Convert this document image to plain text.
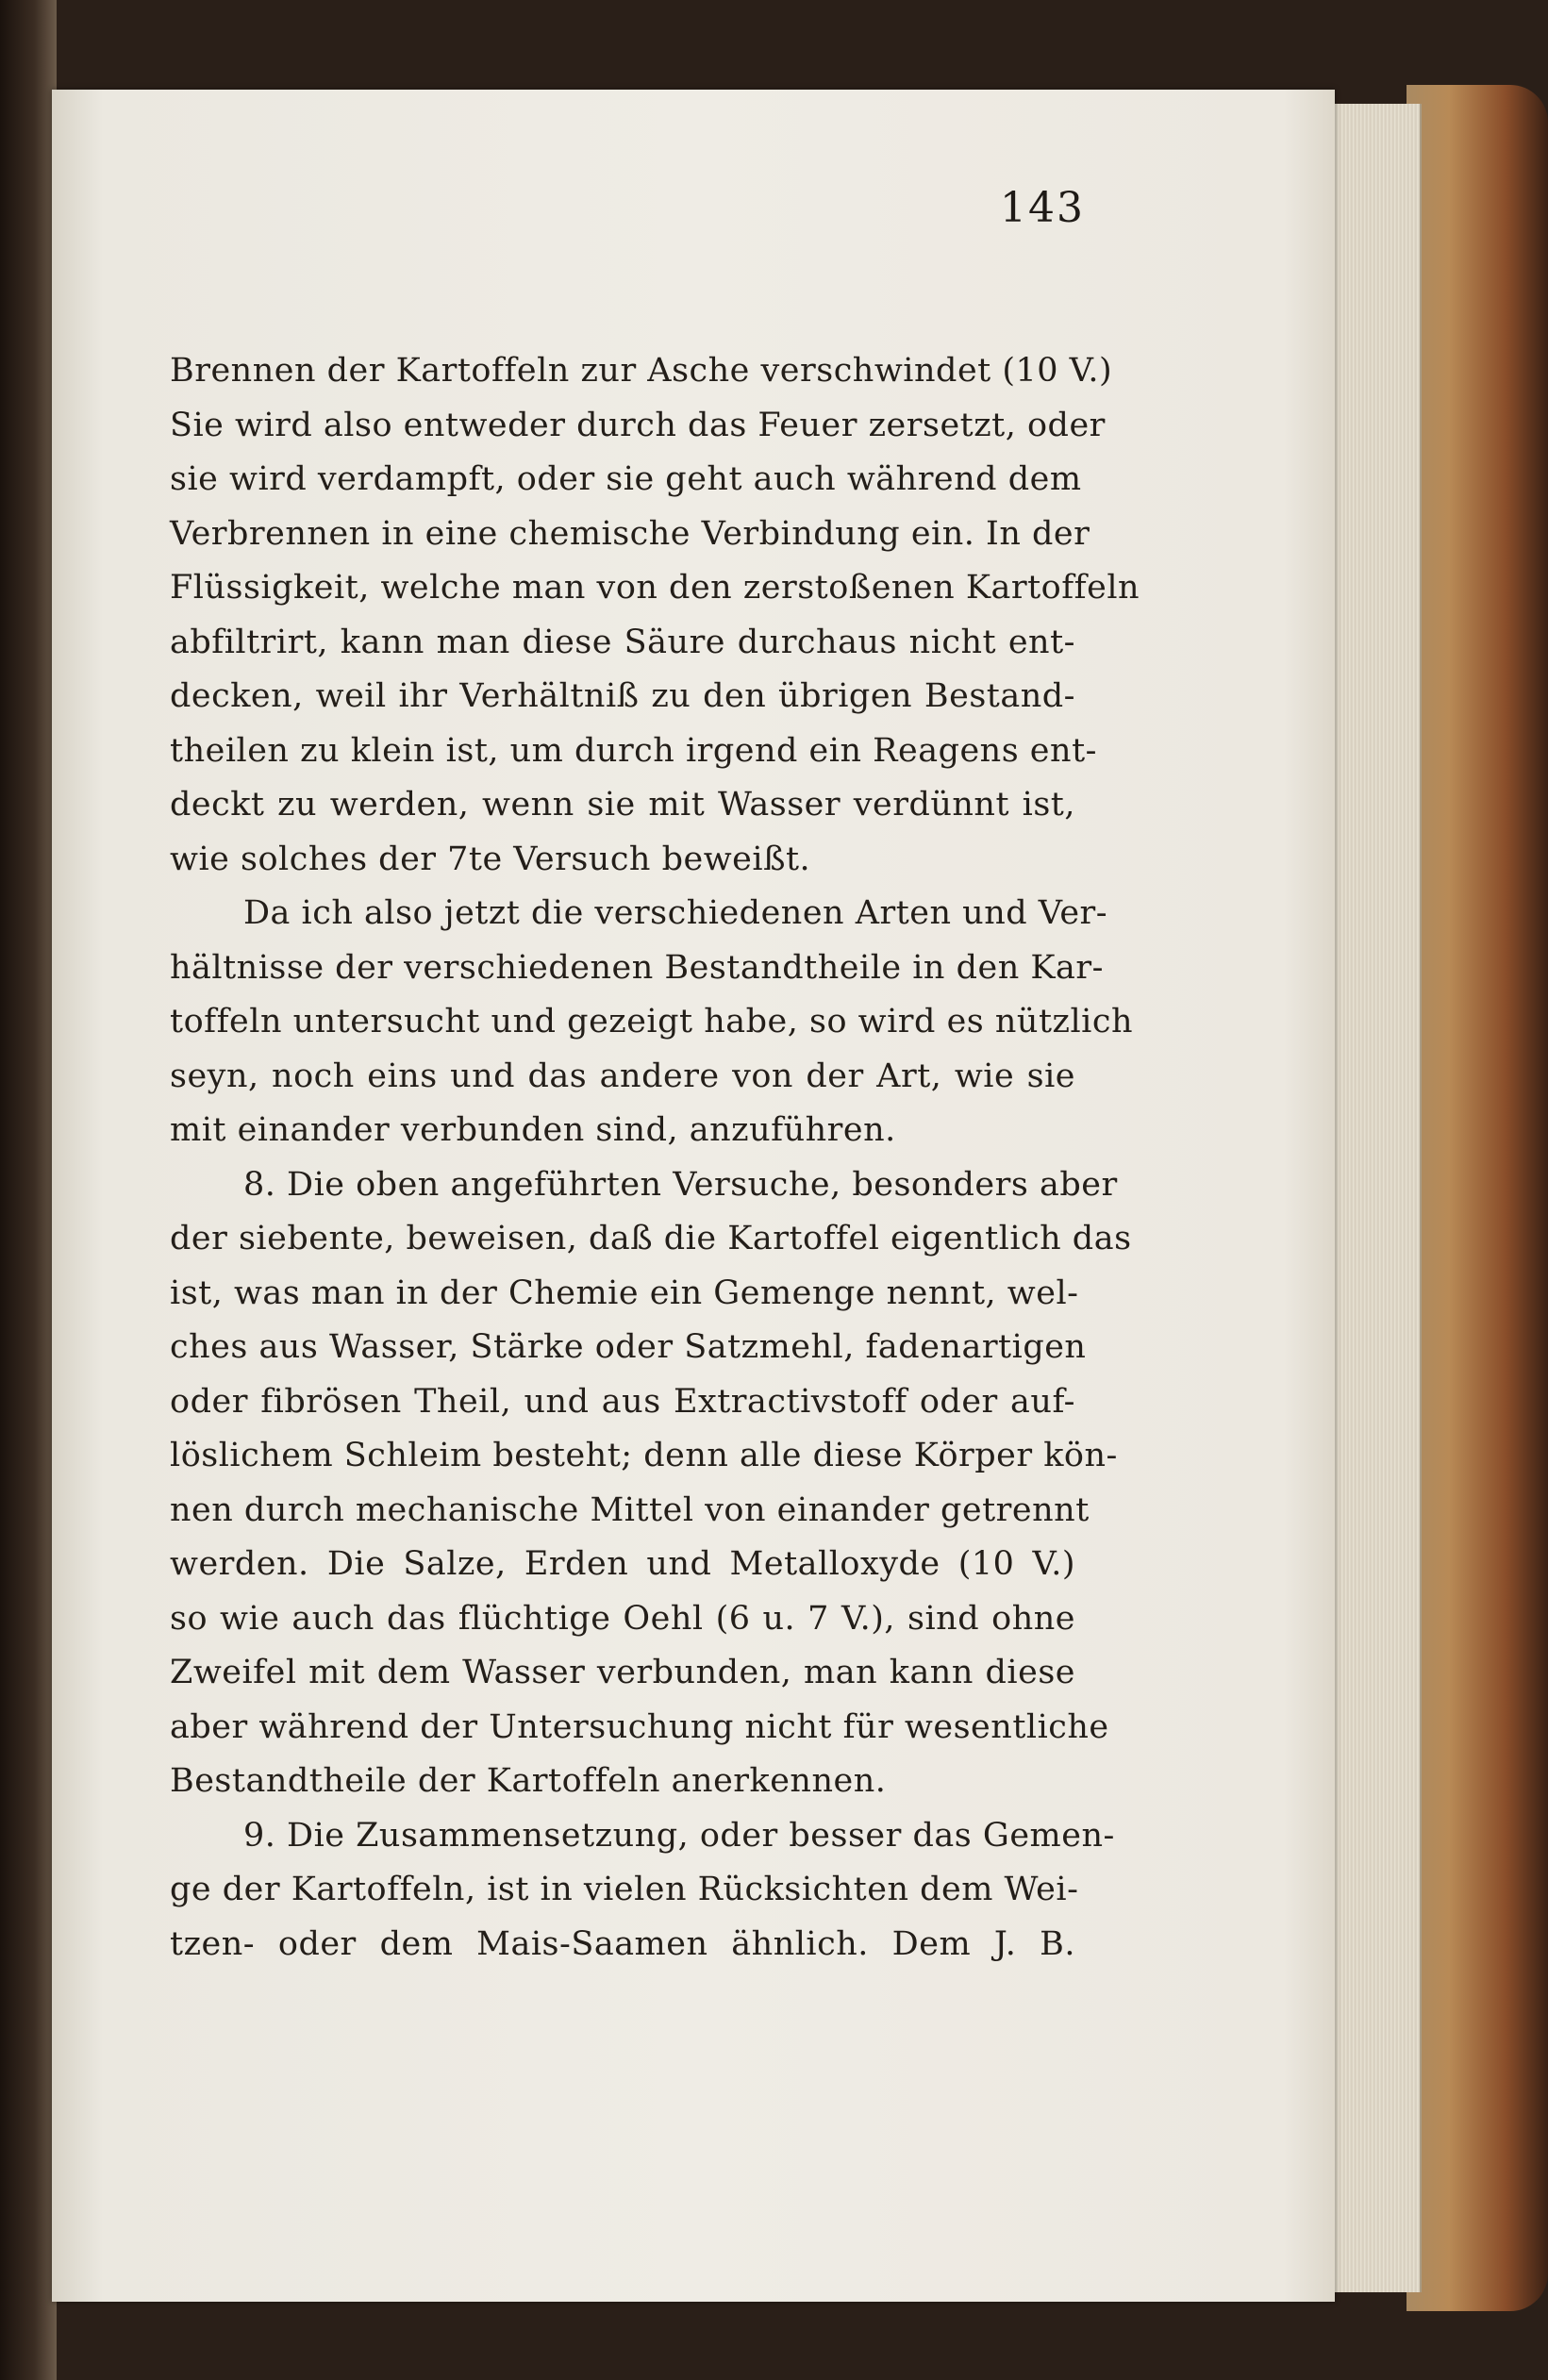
143
Brennen der Kartoffeln zur Asche verschwindet (10 V.)
Sie wird also entweder durch das Feuer zersetzt, oder
sie wird verdampft, oder sie geht auch während dem
Verbrennen in eine chemische Verbindung ein. In der
Flüssigkeit, welche man von den zerstoßenen Kartoffeln
abfiltrirt, kann man diese Säure durchaus nicht ent-
decken, weil ihr Verhältniß zu den übrigen Bestand-
theilen zu klein ist, um durch irgend ein Reagens ent-
deckt zu werden, wenn sie mit Wasser verdünnt ist,
wie solches der 7te Versuch beweißt.
Da ich also jetzt die verschiedenen Arten und Ver-
hältnisse der verschiedenen Bestandtheile in den Kar-
toffeln untersucht und gezeigt habe, so wird es nützlich
seyn, noch eins und das andere von der Art, wie sie
mit einander verbunden sind, anzuführen.
8. Die oben angeführten Versuche, besonders aber
der siebente, beweisen, daß die Kartoffel eigentlich das
ist, was man in der Chemie ein Gemenge nennt, wel-
ches aus Wasser, Stärke oder Satzmehl, fadenartigen
oder fibrösen Theil, und aus Extractivstoff oder auf-
löslichem Schleim besteht; denn alle diese Körper kön-
nen durch mechanische Mittel von einander getrennt
werden. Die Salze, Erden und Metalloxyde (10 V.)
so wie auch das flüchtige Oehl (6 u. 7 V.), sind ohne
Zweifel mit dem Wasser verbunden, man kann diese
aber während der Untersuchung nicht für wesentliche
Bestandtheile der Kartoffeln anerkennen.
9. Die Zusammensetzung, oder besser das Gemen-
ge der Kartoffeln, ist in vielen Rücksichten dem Wei-
tzen- oder dem Mais-Saamen ähnlich. Dem J. B.
